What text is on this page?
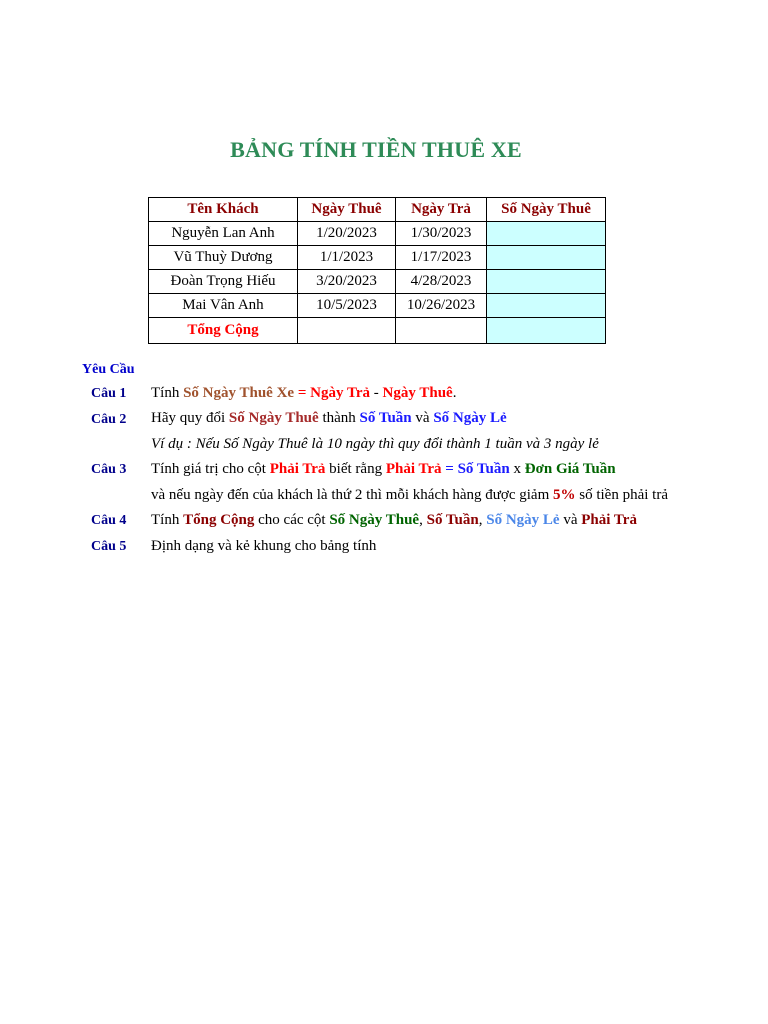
BẢNG TÍNH TIỀN THUÊ XE
Tên Khách	Ngày Thuê	Ngày Trả	Số Ngày Thuê
Nguyễn Lan Anh	1/20/2023	1/30/2023	
Vũ Thuỳ Dương	1/1/2023	1/17/2023	
Đoàn Trọng Hiếu	3/20/2023	4/28/2023	
Mai Vân Anh	10/5/2023	10/26/2023	
Tổng Cộng			
Yêu Cầu
Câu 1 Tính Số Ngày Thuê Xe = Ngày Trả - Ngày Thuê.
Câu 2 Hãy quy đổi Số Ngày Thuê thành Số Tuần và Số Ngày Lẻ
Ví dụ : Nếu Số Ngày Thuê là 10 ngày thì quy đổi thành 1 tuần và 3 ngày lẻ
Câu 3 Tính giá trị cho cột Phải Trả biết rằng Phải Trả = Số Tuần x Đơn Giá Tuần
và nếu ngày đến của khách là thứ 2 thì mỗi khách hàng được giảm 5% số tiền phải trả
Câu 4 Tính Tổng Cộng cho các cột Số Ngày Thuê, Số Tuần, Số Ngày Lẻ và Phải Trả
Câu 5 Định dạng và kẻ khung cho bảng tính
